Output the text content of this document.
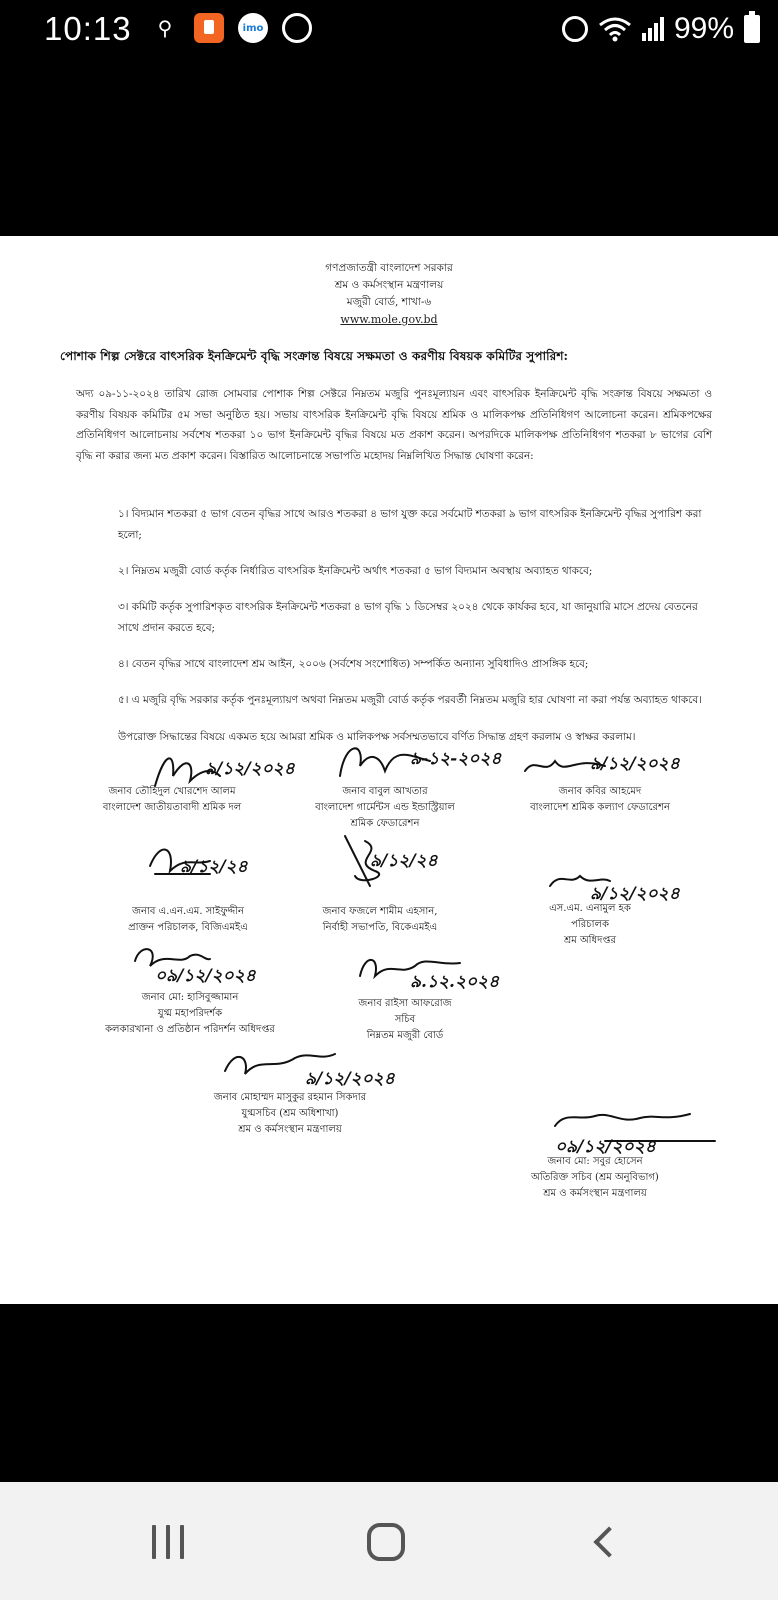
10:13	⚲	imo	99%
গণপ্রজাতন্ত্রী বাংলাদেশ সরকার
শ্রম ও কর্মসংস্থান মন্ত্রণালয়
মজুরী বোর্ড, শাখা-৬
www.mole.gov.bd
পোশাক শিল্প সেক্টরে বাৎসরিক ইনক্রিমেন্ট বৃদ্ধি সংক্রান্ত বিষয়ে সক্ষমতা ও করণীয় বিষয়ক কমিটির সুপারিশ:
অদ্য ০৯-১১-২০২৪ তারিখ রোজ সোমবার পোশাক শিল্প সেক্টরে নিম্নতম মজুরি পুনঃমূল্যায়ন এবং বাৎসরিক ইনক্রিমেন্ট বৃদ্ধি সংক্রান্ত বিষয়ে সক্ষমতা ও করণীয় বিষয়ক কমিটির ৫ম সভা অনুষ্ঠিত হয়। সভায় বাৎসরিক ইনক্রিমেন্ট বৃদ্ধি বিষয়ে শ্রমিক ও মালিকপক্ষ প্রতিনিধিগণ আলোচনা করেন। শ্রমিকপক্ষের প্রতিনিধিগণ আলোচনায় সর্বশেষ শতকরা ১০ ভাগ ইনক্রিমেন্ট বৃদ্ধির বিষয়ে মত প্রকাশ করেন। অপরদিকে মালিকপক্ষ প্রতিনিধিগণ শতকরা ৮ ভাগের বেশি বৃদ্ধি না করার জন্য মত প্রকাশ করেন। বিস্তারিত আলোচনান্তে সভাপতি মহোদয় নিম্নলিখিত সিদ্ধান্ত ঘোষণা করেন:

১। বিদ্যমান শতকরা ৫ ভাগ বেতন বৃদ্ধির সাথে আরও শতকরা ৪ ভাগ যুক্ত করে সর্বমোট শতকরা ৯ ভাগ বাৎসরিক ইনক্রিমেন্ট বৃদ্ধির সুপারিশ করা হলো;

২। নিম্নতম মজুরী বোর্ড কর্তৃক নির্ধারিত বাৎসরিক ইনক্রিমেন্ট অর্থাৎ শতকরা ৫ ভাগ বিদ্যমান অবস্থায় অব্যাহত থাকবে;

৩। কমিটি কর্তৃক সুপারিশকৃত বাৎসরিক ইনক্রিমেন্ট শতকরা ৪ ভাগ বৃদ্ধি ১ ডিসেম্বর ২০২৪ থেকে কার্যকর হবে, যা জানুয়ারি মাসে প্রদেয় বেতনের সাথে প্রদান করতে হবে;

৪। বেতন বৃদ্ধির সাথে বাংলাদেশ শ্রম আইন, ২০০৬ (সর্বশেষ সংশোধিত) সম্পর্কিত অন্যান্য সুবিধাদিও প্রাসঙ্গিক হবে;

৫। এ মজুরি বৃদ্ধি সরকার কর্তৃক পুনঃমূল্যায়ণ অথবা নিম্নতম মজুরী বোর্ড কর্তৃক পরবর্তী নিম্নতম মজুরি হার ঘোষণা না করা পর্যন্ত অব্যাহত থাকবে।

উপরোক্ত সিদ্ধান্তের বিষয়ে একমত হয়ে আমরা শ্রমিক ও মালিকপক্ষ সর্বসম্মতভাবে বর্ণিত সিদ্ধান্ত গ্রহণ করলাম ও স্বাক্ষর করলাম।
৯/১২/২০২৪
জনাব তৌহিদুল খোরশেদ আলম
বাংলাদেশ জাতীয়তাবাদী শ্রমিক দল
৯-১২-২০২৪
জনাব বাবুল আখতার
বাংলাদেশ গার্মেন্টস এন্ড ইন্ডাস্ট্রিয়াল
শ্রমিক ফেডারেশন
৯/১২/২০২৪
জনাব কবির আহমেদ
বাংলাদেশ শ্রমিক কল্যাণ ফেডারেশন
৯/১২/২৪
জনাব এ.এন.এম. সাইফুদ্দীন
প্রাক্তন পরিচালক, বিজিএমইএ
৯/১২/২৪
জনাব ফজলে শামীম এহসান,
নির্বাহী সভাপতি, বিকেএমইএ
৯/১২/২০২৪
এস.এম. এনামুল হক
পরিচালক
শ্রম অধিদপ্তর
০৯/১২/২০২৪
জনাব মো: হাসিবুজ্জামান
যুগ্ম মহাপরিদর্শক
কলকারখানা ও প্রতিষ্ঠান পরিদর্শন অধিদপ্তর
৯.১২.২০২৪
জনাব রাইসা আফরোজ
সচিব
নিম্নতম মজুরী বোর্ড
৯/১২/২০২৪
জনাব মোহাম্মদ মাসুকুর রহমান সিকদার
যুগ্মসচিব (শ্রম অধিশাখা)
শ্রম ও কর্মসংস্থান মন্ত্রণালয়
০৯/১২/২০২৪
জনাব মো: সবুর হোসেন
অতিরিক্ত সচিব (শ্রম অনুবিভাগ)
শ্রম ও কর্মসংস্থান মন্ত্রণালয়
